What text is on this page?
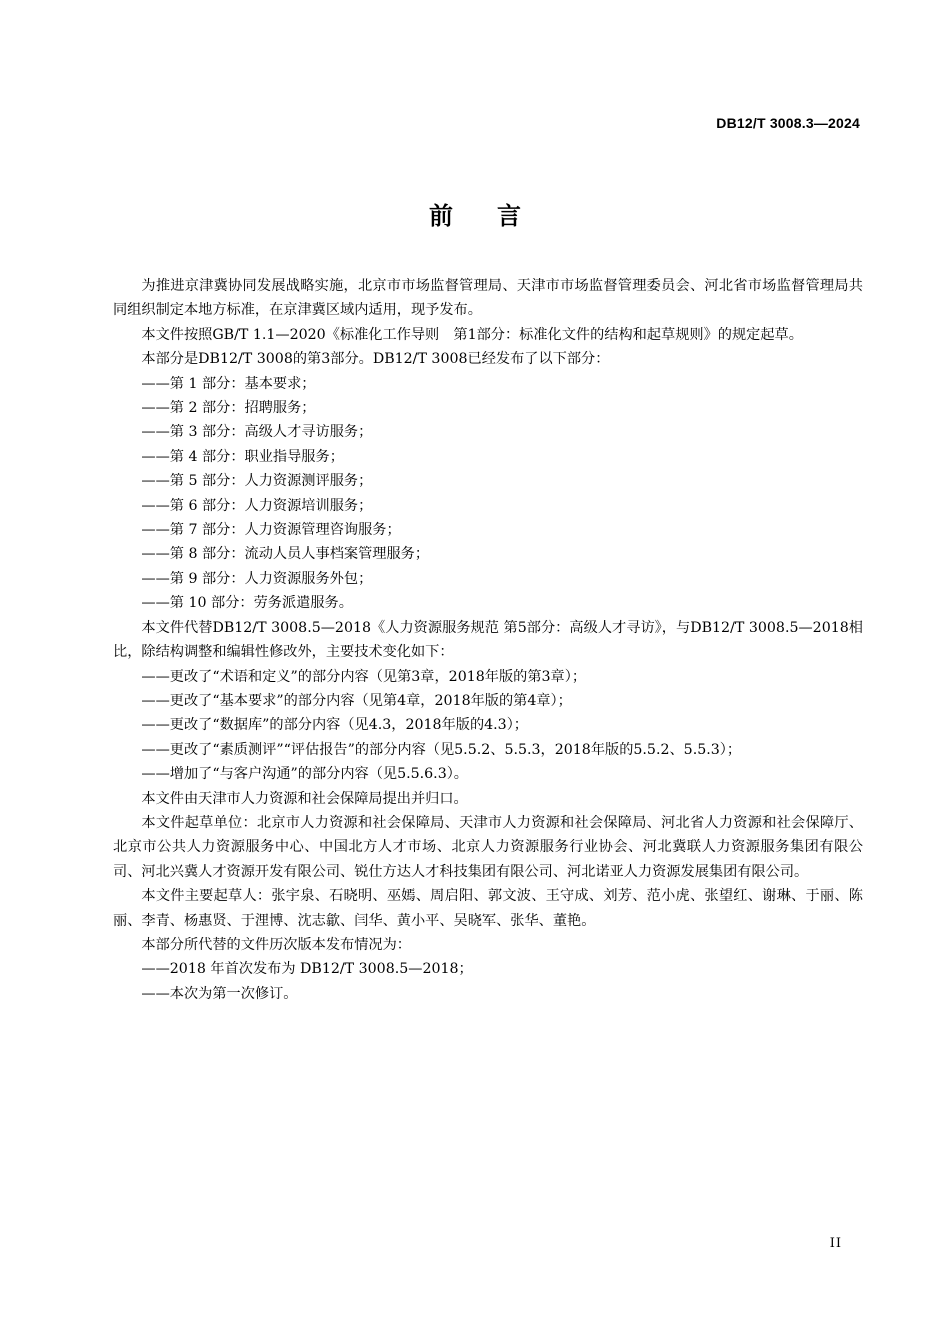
DB12/T 3008.3—2024
前言

为推进京津冀协同发展战略实施，北京市市场监督管理局、天津市市场监督管理委员会、河北省市场监督管理局共同组织制定本地方标准，在京津冀区域内适用，现予发布。

本文件按照GB/T 1.1—2020《标准化工作导则　第1部分：标准化文件的结构和起草规则》的规定起草。

本部分是DB12/T 3008的第3部分。DB12/T 3008已经发布了以下部分：

——第 1 部分：基本要求；

——第 2 部分：招聘服务；

——第 3 部分：高级人才寻访服务；

——第 4 部分：职业指导服务；

——第 5 部分：人力资源测评服务；

——第 6 部分：人力资源培训服务；

——第 7 部分：人力资源管理咨询服务；

——第 8 部分：流动人员人事档案管理服务；

——第 9 部分：人力资源服务外包；

——第 10 部分：劳务派遣服务。

本文件代替DB12/T 3008.5—2018《人力资源服务规范 第5部分：高级人才寻访》，与DB12/T 3008.5—2018相比，除结构调整和编辑性修改外，主要技术变化如下：

——更改了“术语和定义”的部分内容（见第3章，2018年版的第3章）；

——更改了“基本要求”的部分内容（见第4章，2018年版的第4章）；

——更改了“数据库”的部分内容（见4.3，2018年版的4.3）；

——更改了“素质测评”“评估报告”的部分内容（见5.5.2、5.5.3，2018年版的5.5.2、5.5.3）；

——增加了“与客户沟通”的部分内容（见5.5.6.3）。

本文件由天津市人力资源和社会保障局提出并归口。

本文件起草单位：北京市人力资源和社会保障局、天津市人力资源和社会保障局、河北省人力资源和社会保障厅、北京市公共人力资源服务中心、中国北方人才市场、北京人力资源服务行业协会、河北冀联人力资源服务集团有限公司、河北兴冀人才资源开发有限公司、锐仕方达人才科技集团有限公司、河北诺亚人力资源发展集团有限公司。

本文件主要起草人：张宇泉、石晓明、巫嫣、周启阳、郭文波、王守成、刘芳、范小虎、张望红、谢琳、于丽、陈丽、李青、杨惠贤、于浬博、沈志歙、闫华、黄小平、吴晓军、张华、董艳。

本部分所代替的文件历次版本发布情况为：

——2018 年首次发布为 DB12/T 3008.5—2018；

——本次为第一次修订。

II
